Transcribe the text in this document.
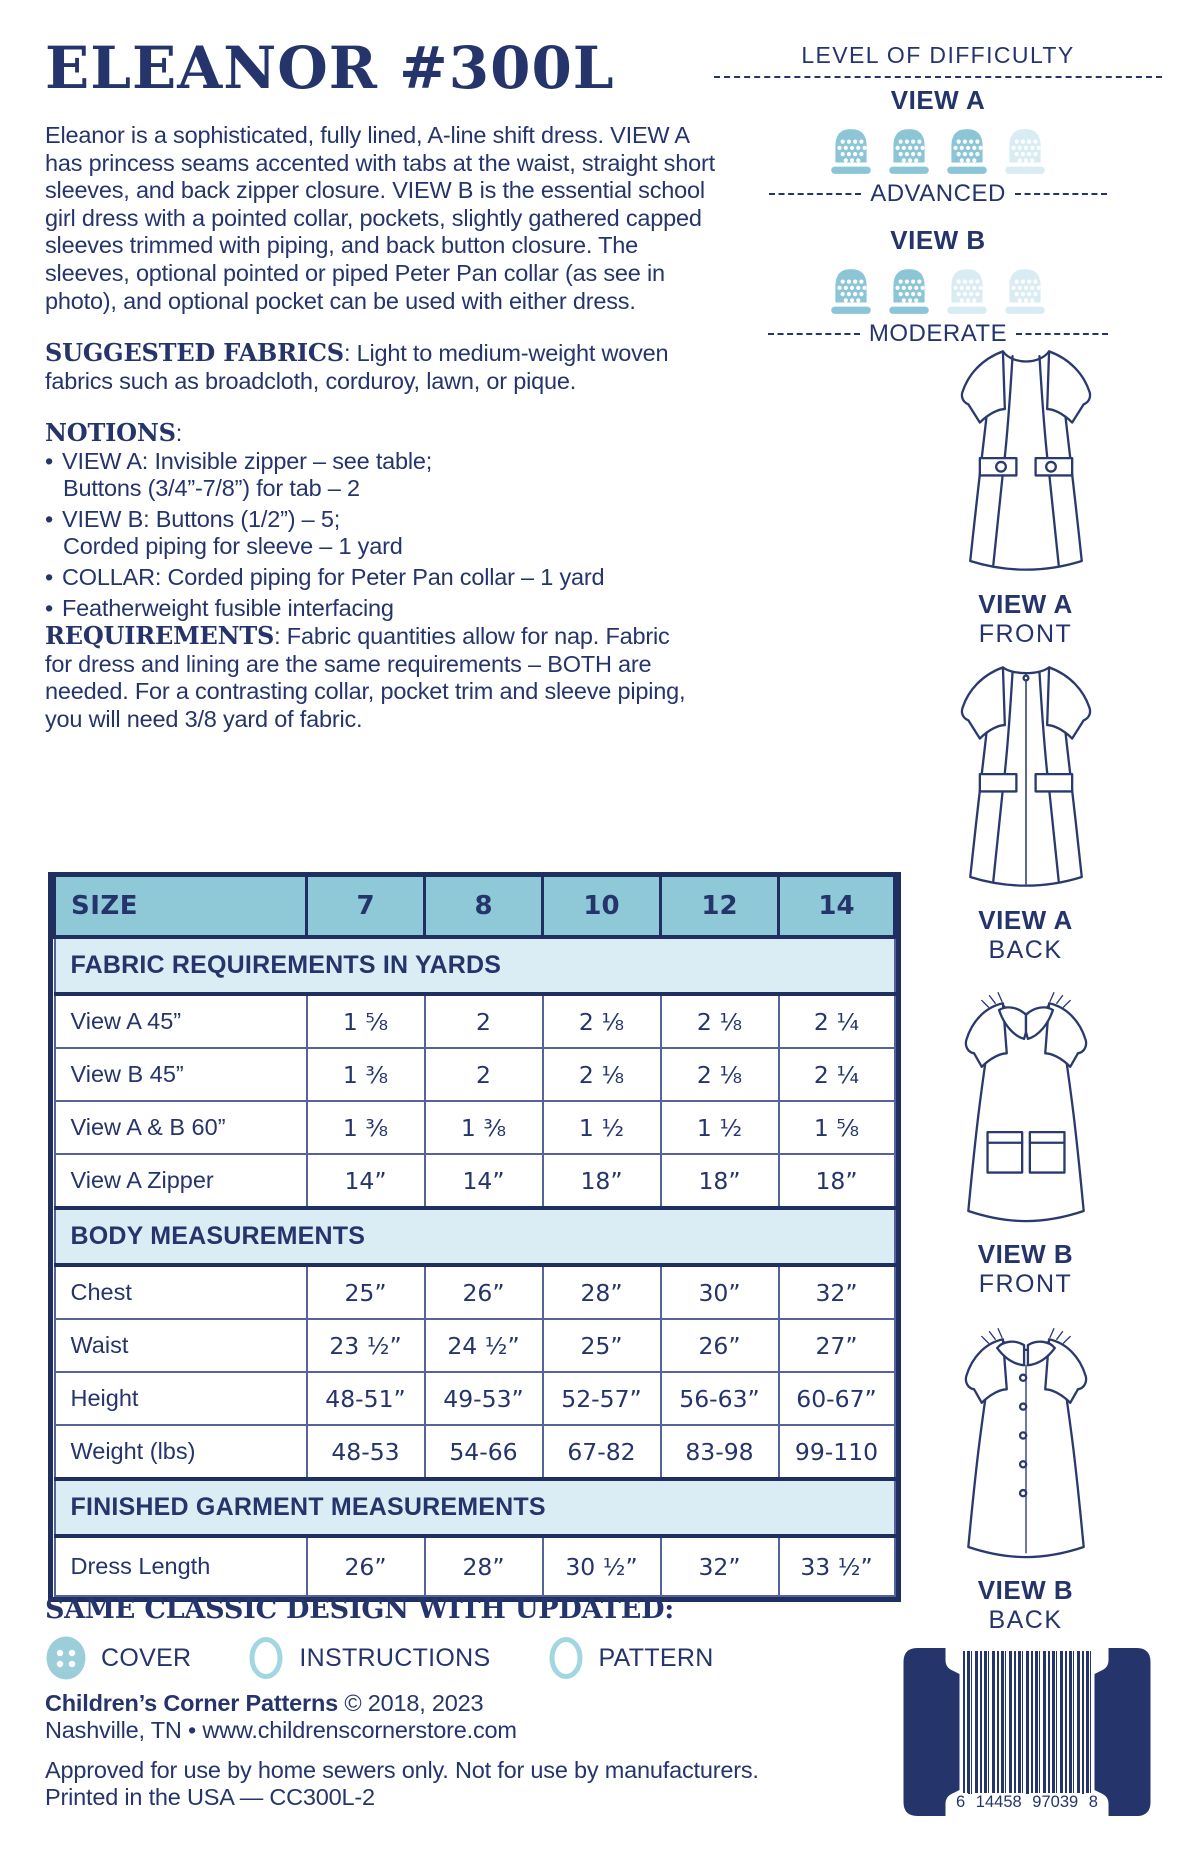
ELEANOR #300L
Eleanor is a sophisticated, fully lined, A-line shift dress. VIEW A has princess seams accented with tabs at the waist, straight short sleeves, and back zipper closure. VIEW B is the essential school girl dress with a pointed collar, pockets, slightly gathered capped sleeves trimmed with piping, and back button closure. The sleeves, optional pointed or piped Peter Pan collar (as see in photo), and optional pocket can be used with either dress.
SUGGESTED FABRICS: Light to medium-weight woven fabrics such as broadcloth, corduroy, lawn, or pique.
NOTIONS:
• VIEW A: Invisible zipper – see table;
Buttons (3/4”-7/8”) for tab – 2
• VIEW B: Buttons (1/2”) – 5;
Corded piping for sleeve – 1 yard
• COLLAR: Corded piping for Peter Pan collar – 1 yard
• Featherweight fusible interfacing
REQUIREMENTS: Fabric quantities allow for nap. Fabric for dress and lining are the same requirements – BOTH are needed. For a contrasting collar, pocket trim and sleeve piping, you will need 3/8 yard of fabric.
LEVEL OF DIFFICULTY
VIEW A
ADVANCED
VIEW B
MODERATE
VIEW A
FRONT
VIEW A
BACK
VIEW B
FRONT
VIEW B
BACK
SIZE	7	8	10	12	14
FABRIC REQUIREMENTS IN YARDS					
View A 45”	1 ⁵⁄₈	2	2 ¹⁄₈	2 ¹⁄₈	2 ¹⁄₄
View B 45”	1 ³⁄₈	2	2 ¹⁄₈	2 ¹⁄₈	2 ¹⁄₄
View A & B 60”	1 ³⁄₈	1 ³⁄₈	1 ¹⁄₂	1 ¹⁄₂	1 ⁵⁄₈
View A Zipper	14”	14”	18”	18”	18”
BODY MEASUREMENTS					
Chest	25”	26”	28”	30”	32”
Waist	23 ¹⁄₂”	24 ¹⁄₂”	25”	26”	27”
Height	48-51”	49-53”	52-57”	56-63”	60-67”
Weight (lbs)	48-53	54-66	67-82	83-98	99-110
FINISHED GARMENT MEASUREMENTS					
Dress Length	26”	28”	30 ¹⁄₂”	32”	33 ¹⁄₂”
SAME CLASSIC DESIGN WITH UPDATED:
COVER	INSTRUCTIONS	PATTERN
Children’s Corner Patterns © 2018, 2023
Nashville, TN • www.childrenscornerstore.com
Approved for use by home sewers only. Not for use by manufacturers.
Printed in the USA — CC300L-2	6 14458 97039 8
